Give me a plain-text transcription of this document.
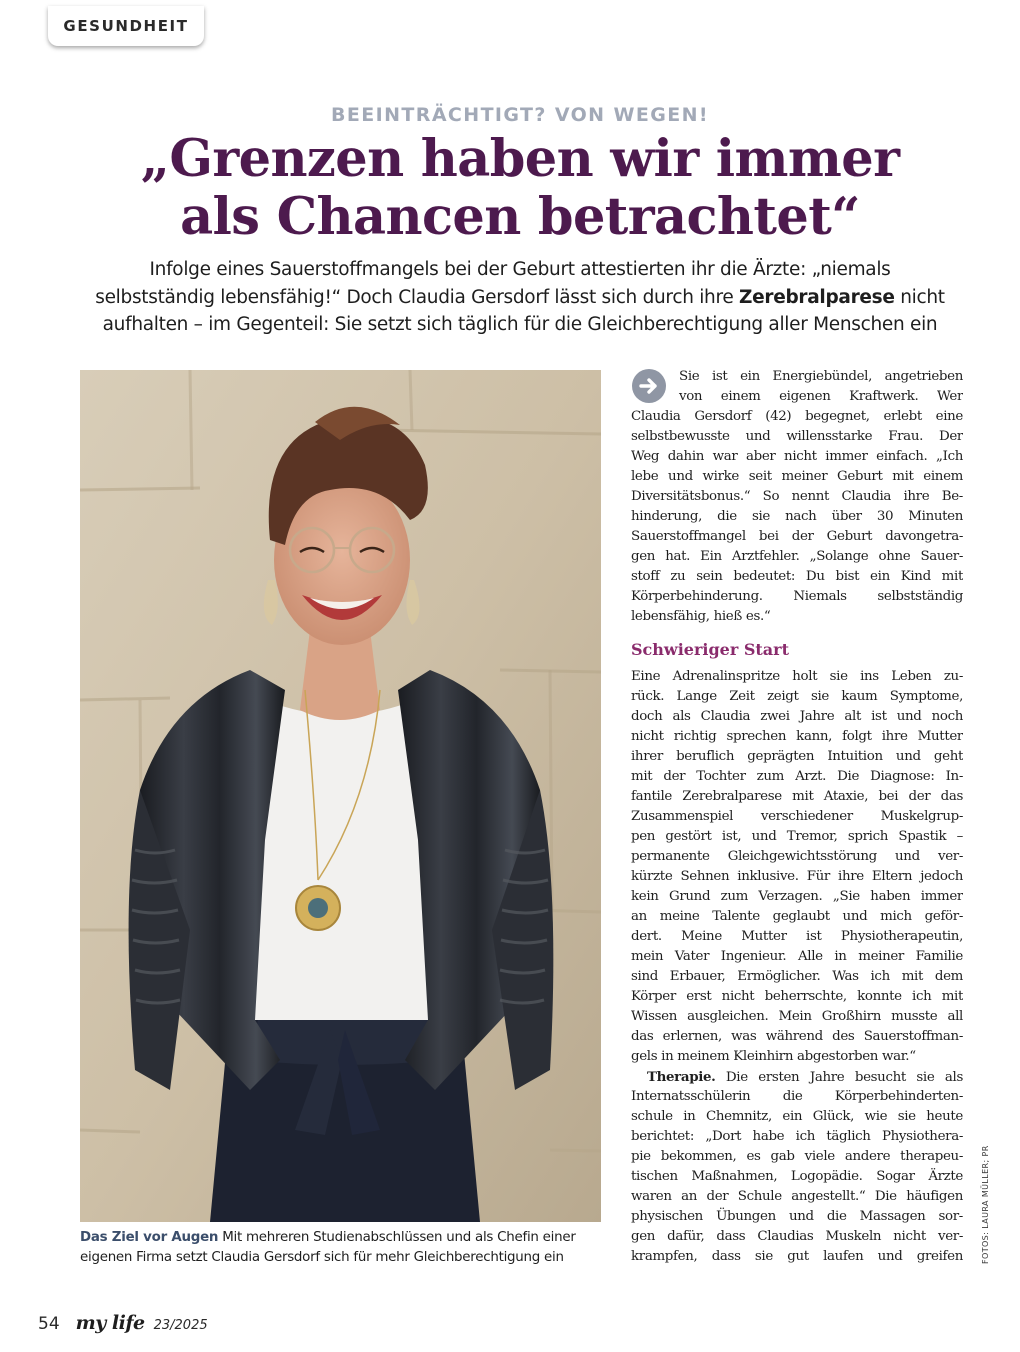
GESUNDHEIT
BEEINTRÄCHTIGT? VON WEGEN!
„Grenzen haben wir immer
als Chancen betrachtet“
Infolge eines Sauerstoffmangels bei der Geburt attestierten ihr die Ärzte: „niemals
selbstständig lebensfähig!“ Doch Claudia Gersdorf lässt sich durch ihre Zerebralparese nicht
aufhalten – im Gegenteil: Sie setzt sich täglich für die Gleichberechtigung aller Menschen ein
Das Ziel vor Augen Mit mehreren Studienabschlüssen und als Chefin einer
eigenen Firma setzt Claudia Gersdorf sich für mehr Gleichberechtigung ein
Sie ist ein Energiebündel, angetrieben
von einem eigenen Kraftwerk. Wer
Claudia Gersdorf (42) begegnet, erlebt eine
selbstbewusste und willensstarke Frau. Der
Weg dahin war aber nicht immer einfach. „Ich
lebe und wirke seit meiner Geburt mit einem
Diversitätsbonus.“ So nennt Claudia ihre Be-
hinderung, die sie nach über 30 Minuten
Sauerstoffmangel bei der Geburt davongetra-
gen hat. Ein Arztfehler. „Solange ohne Sauer-
stoff zu sein bedeutet: Du bist ein Kind mit
Körperbehinderung. Niemals selbstständig
lebensfähig, hieß es.“
Schwieriger Start
Eine Adrenalinspritze holt sie ins Leben zu-
rück. Lange Zeit zeigt sie kaum Symptome,
doch als Claudia zwei Jahre alt ist und noch
nicht richtig sprechen kann, folgt ihre Mutter
ihrer beruflich geprägten Intuition und geht
mit der Tochter zum Arzt. Die Diagnose: In-
fantile Zerebralparese mit Ataxie, bei der das
Zusammenspiel verschiedener Muskelgrup-
pen gestört ist, und Tremor, sprich Spastik –
permanente Gleichgewichtsstörung und ver-
kürzte Sehnen inklusive. Für ihre Eltern jedoch
kein Grund zum Verzagen. „Sie haben immer
an meine Talente geglaubt und mich geför-
dert. Meine Mutter ist Physiotherapeutin,
mein Vater Ingenieur. Alle in meiner Familie
sind Erbauer, Ermöglicher. Was ich mit dem
Körper erst nicht beherrschte, konnte ich mit
Wissen ausgleichen. Mein Großhirn musste all
das erlernen, was während des Sauerstoffman-
gels in meinem Kleinhirn abgestorben war.“
Therapie. Die ersten Jahre besucht sie als
Internatsschülerin die Körperbehinderten-
schule in Chemnitz, ein Glück, wie sie heute
berichtet: „Dort habe ich täglich Physiothera-
pie bekommen, es gab viele andere therapeu-
tischen Maßnahmen, Logopädie. Sogar Ärzte
waren an der Schule angestellt.“ Die häufigen
physischen Übungen und die Massagen sor-
gen dafür, dass Claudias Muskeln nicht ver-
krampfen, dass sie gut laufen und greifen FOTOS: LAURA MÜLLER; PR
54 my life 23/2025
